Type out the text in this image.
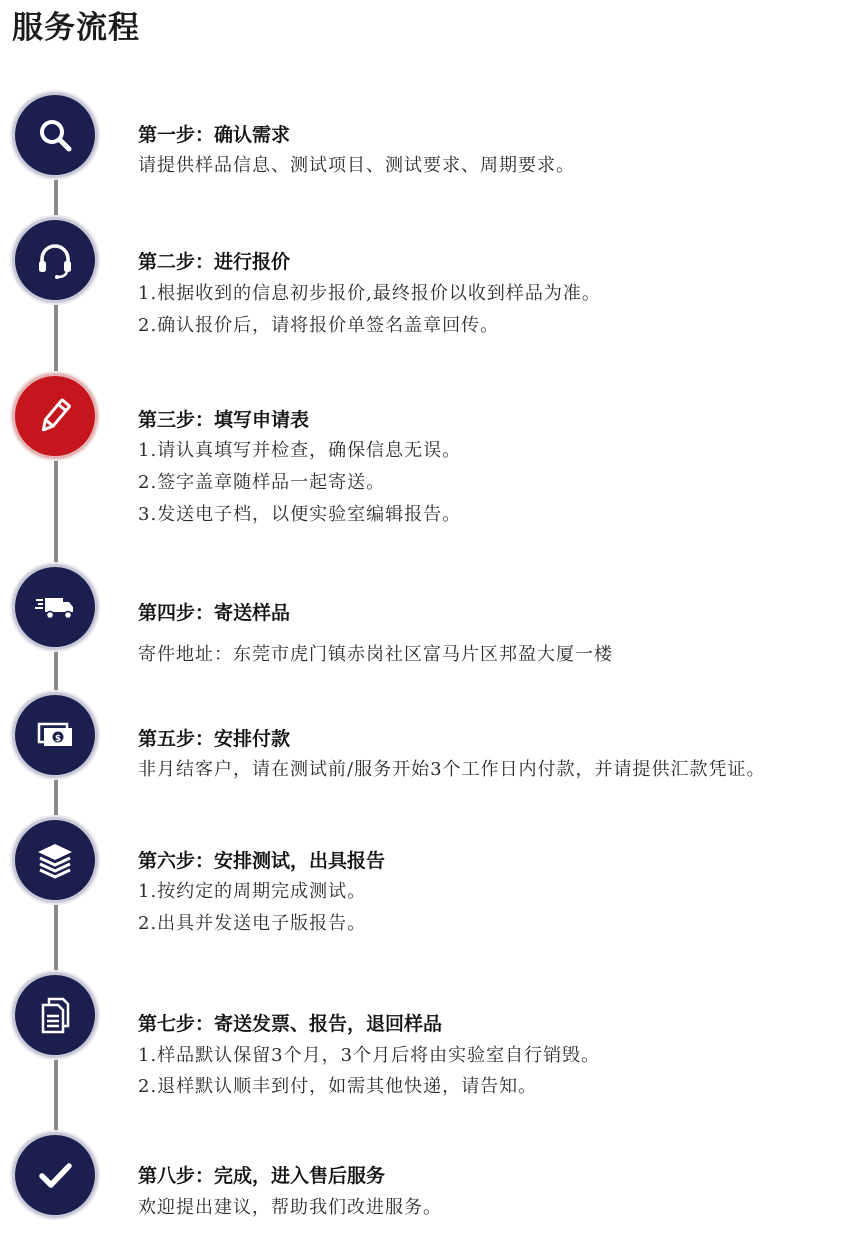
服务流程
第一步：确认需求
请提供样品信息、测试项目、测试要求、周期要求。
第二步：进行报价
1.根据收到的信息初步报价,最终报价以收到样品为准。
2.确认报价后，请将报价单签名盖章回传。
第三步：填写申请表
1.请认真填写并检查，确保信息无误。
2.签字盖章随样品一起寄送。
3.发送电子档，以便实验室编辑报告。
第四步：寄送样品
寄件地址：东莞市虎门镇赤岗社区富马片区邦盈大厦一楼
$	第五步：安排付款
非月结客户，请在测试前/服务开始3个工作日内付款，并请提供汇款凭证。
第六步：安排测试，出具报告
1.按约定的周期完成测试。
2.出具并发送电子版报告。
第七步：寄送发票、报告，退回样品
1.样品默认保留3个月，3个月后将由实验室自行销毁。
2.退样默认顺丰到付，如需其他快递，请告知。
第八步：完成，进入售后服务
欢迎提出建议，帮助我们改进服务。
